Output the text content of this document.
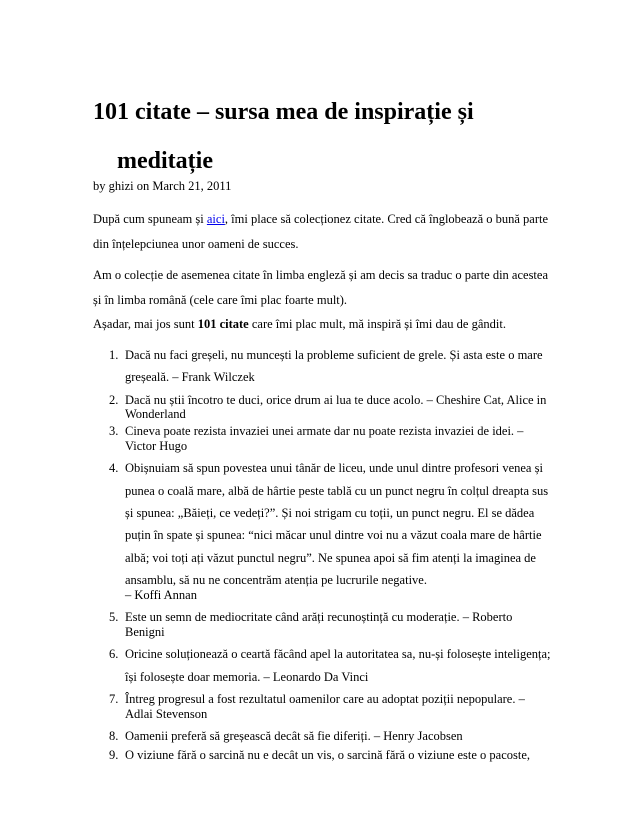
101 citate – sursa mea de inspirație și
meditație
by ghizi on March 21, 2011

După cum spuneam și aici, îmi place să colecționez citate. Cred că înglobează o bună parte din înțelepciunea unor oameni de succes.

Am o colecție de asemenea citate în limba engleză și am decis sa traduc o parte din acestea și în limba română (cele care îmi plac foarte mult).

Așadar, mai jos sunt 101 citate care îmi plac mult, mă inspiră și îmi dau de gândit.

1. Dacă nu faci greșeli, nu muncești la probleme suficient de grele. Și asta este o mare greșeală. – Frank Wilczek
2. Dacă nu știi încotro te duci, orice drum ai lua te duce acolo. – Cheshire Cat, Alice in Wonderland
3. Cineva poate rezista invaziei unei armate dar nu poate rezista invaziei de idei. – Victor Hugo
4. Obișnuiam să spun povestea unui tânăr de liceu, unde unul dintre profesori venea și punea o coală mare, albă de hârtie peste tablă cu un punct negru în colțul dreapta sus și spunea: „Băieți, ce vedeți?”. Și noi strigam cu toții, un punct negru. El se dădea puțin în spate și spunea: “nici măcar unul dintre voi nu a văzut coala mare de hârtie albă; voi toți ați văzut punctul negru”. Ne spunea apoi să fim atenți la imaginea de ansamblu, să nu ne concentrăm atenția pe lucrurile negative.
– Koffi Annan
5. Este un semn de mediocritate când arăți recunoștință cu moderație. – Roberto Benigni
6. Oricine soluționează o ceartă făcând apel la autoritatea sa, nu-și folosește inteligența; își folosește doar memoria. – Leonardo Da Vinci
7. Întreg progresul a fost rezultatul oamenilor care au adoptat poziții nepopulare. – Adlai Stevenson
8. Oamenii preferă să greșească decât să fie diferiți. – Henry Jacobsen
9. O viziune fără o sarcină nu e decât un vis, o sarcină fără o viziune este o pacoste,
